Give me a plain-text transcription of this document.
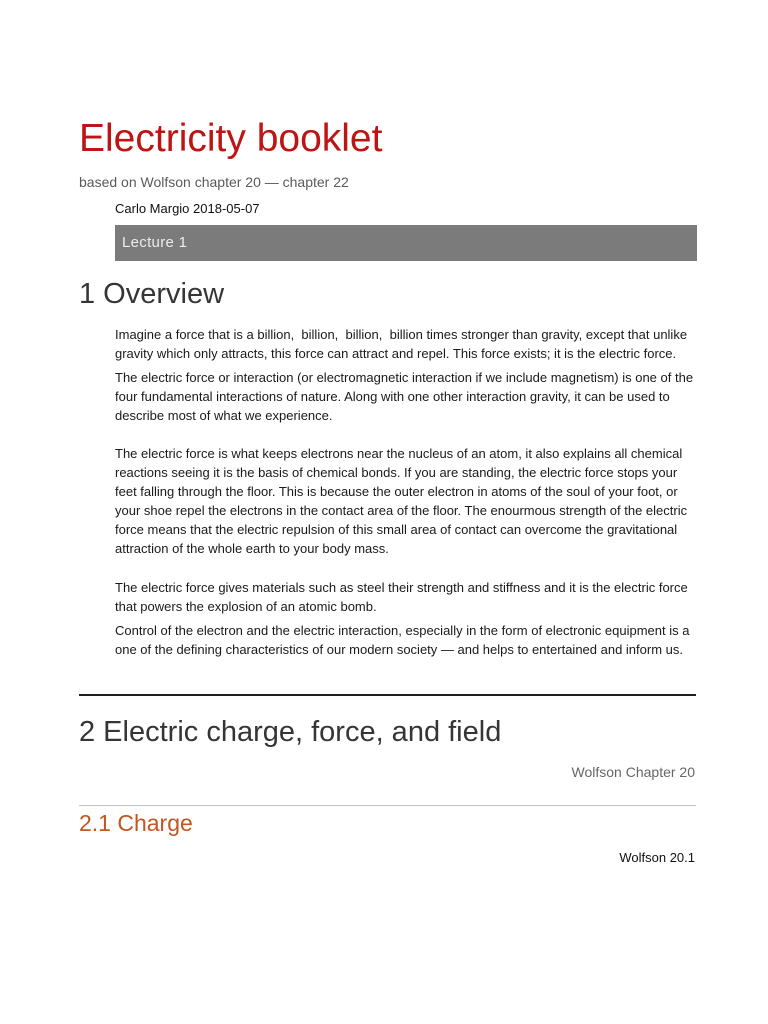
Electricity booklet
based on Wolfson chapter 20 — chapter 22
Carlo Margio 2018-05-07
Lecture 1
1 Overview

Imagine a force that is a billion,  billion,  billion,  billion times stronger than gravity, except that unlike gravity which only attracts, this force can attract and repel. This force exists; it is the electric force.

The electric force or interaction (or electromagnetic interaction if we include magnetism) is one of the four fundamental interactions of nature. Along with one other interaction gravity, it can be used to describe most of what we experience.

The electric force is what keeps electrons near the nucleus of an atom, it also explains all chemical reactions seeing it is the basis of chemical bonds. If you are standing, the electric force stops your feet falling through the floor. This is because the outer electron in atoms of the soul of your foot, or your shoe repel the electrons in the contact area of the floor. The enourmous strength of the electric force means that the electric repulsion of this small area of contact can overcome the gravitational attraction of the whole earth to your body mass.

The electric force gives materials such as steel their strength and stiffness and it is the electric force that powers the explosion of an atomic bomb.

Control of the electron and the electric interaction, especially in the form of electronic equipment is a one of the defining characteristics of our modern society — and helps to entertained and inform us.

2 Electric charge, force, and field
Wolfson Chapter 20
2.1 Charge
Wolfson 20.1
